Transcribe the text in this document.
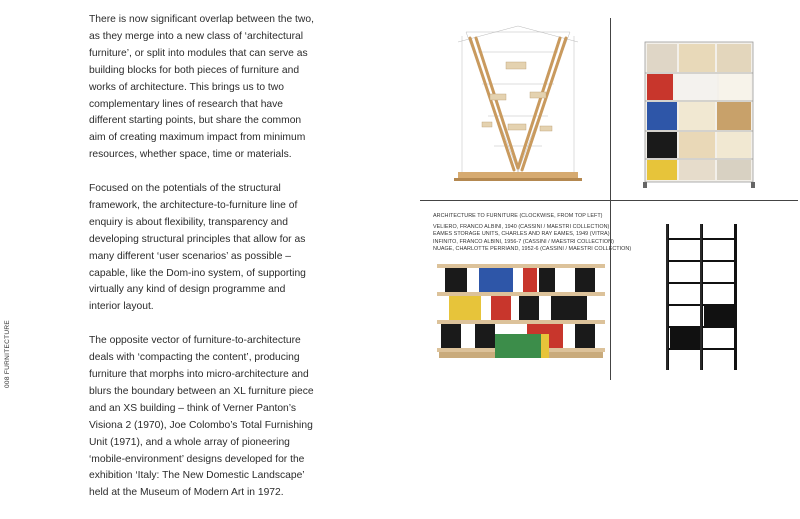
There is now significant overlap between the two, as they merge into a new class of ‘architectural furniture’, or split into modules that can serve as building blocks for both pieces of furniture and works of architecture. This brings us to two complementary lines of research that have different starting points, but share the common aim of creating maximum impact from minimum resources, whether space, time or materials.

Focused on the potentials of the structural framework, the architecture-to-furniture line of enquiry is about flexibility, transparency and developing structural principles that allow for as many different ‘user scenarios’ as possible – capable, like the Dom-ino system, of supporting virtually any kind of design programme and interior layout.

The opposite vector of furniture-to-architecture deals with ‘compacting the content’, producing furniture that morphs into micro-architecture and blurs the boundary between an XL furniture piece and an XS building – think of Verner Panton’s Visiona 2 (1970), Joe Colombo’s Total Furnishing Unit (1971), and a whole array of pioneering ‘mobile-environment’ designs developed for the exhibition ‘Italy: The New Domestic Landscape’ held at the Museum of Modern Art in 1972.

008 FURNITECTURE
ARCHITECTURE TO FURNITURE (CLOCKWISE, FROM TOP LEFT)
VELIERO, FRANCO ALBINI, 1940 (CASSINI / MAESTRI COLLECTION)
EAMES STORAGE UNITS, CHARLES AND RAY EAMES, 1949 (VITRA)
INFINITO, FRANCO ALBINI, 1956-7 (CASSINI / MAESTRI COLLECTION)
NUAGE, CHARLOTTE PERRIAND, 1952-6 (CASSINI / MAESTRI COLLECTION)
